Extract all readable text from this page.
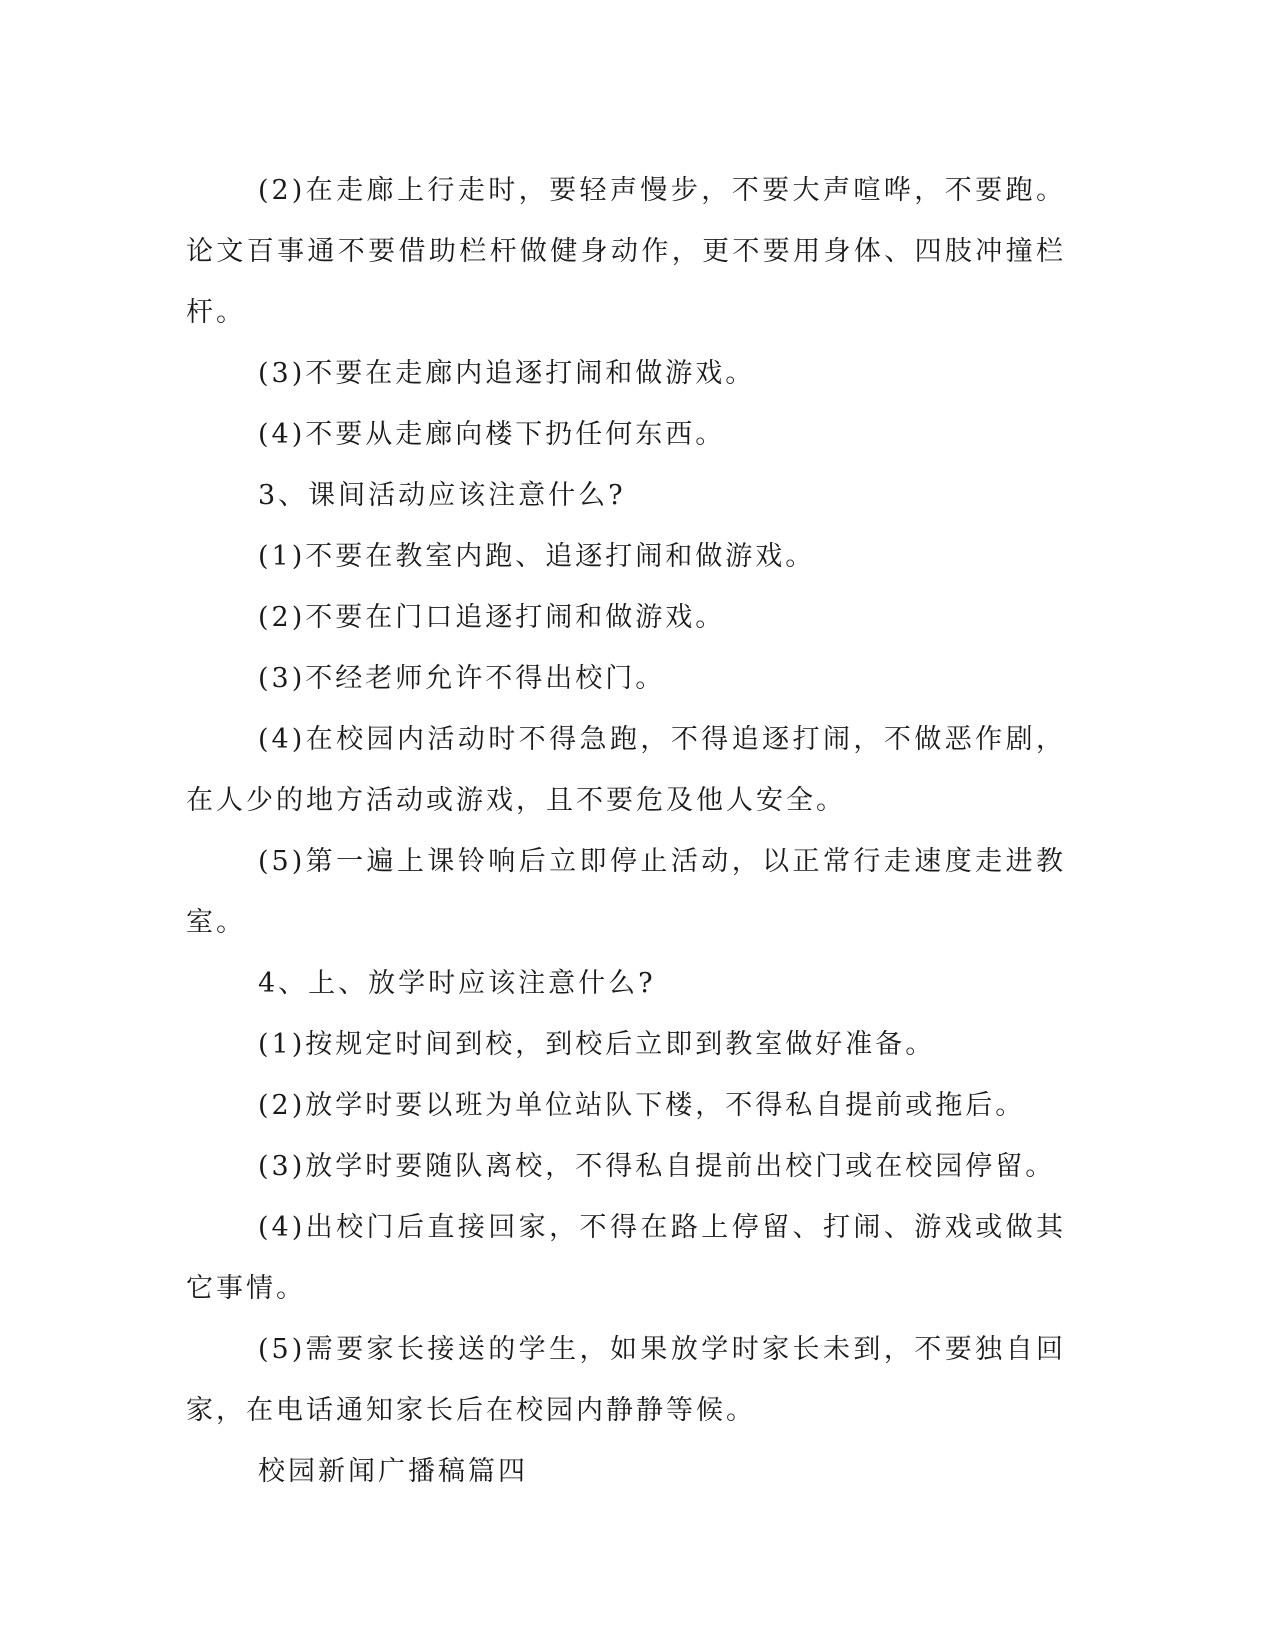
(2)在走廊上行走时，要轻声慢步，不要大声喧哗，不要跑。论文百事通不要借助栏杆做健身动作，更不要用身体、四肢冲撞栏杆。

(3)不要在走廊内追逐打闹和做游戏。

(4)不要从走廊向楼下扔任何东西。

3、课间活动应该注意什么?

(1)不要在教室内跑、追逐打闹和做游戏。

(2)不要在门口追逐打闹和做游戏。

(3)不经老师允许不得出校门。

(4)在校园内活动时不得急跑，不得追逐打闹，不做恶作剧，在人少的地方活动或游戏，且不要危及他人安全。

(5)第一遍上课铃响后立即停止活动，以正常行走速度走进教室。

4、上、放学时应该注意什么?

(1)按规定时间到校，到校后立即到教室做好准备。

(2)放学时要以班为单位站队下楼，不得私自提前或拖后。

(3)放学时要随队离校，不得私自提前出校门或在校园停留。

(4)出校门后直接回家，不得在路上停留、打闹、游戏或做其它事情。

(5)需要家长接送的学生，如果放学时家长未到，不要独自回家，在电话通知家长后在校园内静静等候。

校园新闻广播稿篇四
